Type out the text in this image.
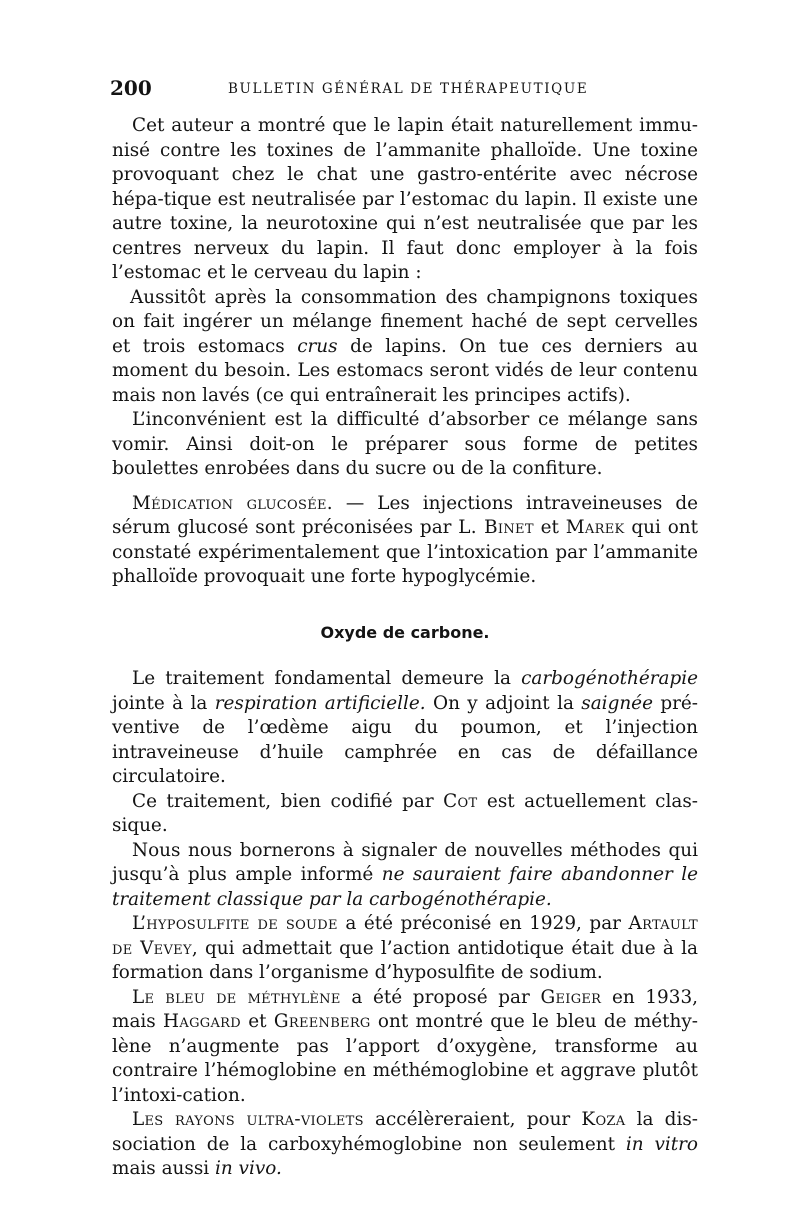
200	BULLETIN GÉNÉRAL DE THÉRAPEUTIQUE

Cet auteur a montré que le lapin était naturellement immu-nisé contre les toxines de l’ammanite phalloïde. Une toxine provoquant chez le chat une gastro-entérite avec nécrose hépa-tique est neutralisée par l’estomac du lapin. Il existe une autre toxine, la neurotoxine qui n’est neutralisée que par les centres nerveux du lapin. Il faut donc employer à la fois l’estomac et le cerveau du lapin :

Aussitôt après la consommation des champignons toxiques on fait ingérer un mélange finement haché de sept cervelles et trois estomacs crus de lapins. On tue ces derniers au moment du besoin. Les estomacs seront vidés de leur contenu mais non lavés (ce qui entraînerait les principes actifs).

L’inconvénient est la difficulté d’absorber ce mélange sans vomir. Ainsi doit-on le préparer sous forme de petites boulettes enrobées dans du sucre ou de la confiture.

Médication glucosée. — Les injections intraveineuses de sérum glucosé sont préconisées par L. Binet et Marek qui ont constaté expérimentalement que l’intoxication par l’ammanite phalloïde provoquait une forte hypoglycémie.

Oxyde de carbone.

Le traitement fondamental demeure la carbogénothérapie jointe à la respiration artificielle. On y adjoint la saignée pré-ventive de l’œdème aigu du poumon, et l’injection intraveineuse d’huile camphrée en cas de défaillance circulatoire.

Ce traitement, bien codifié par Cot est actuellement clas-sique.

Nous nous bornerons à signaler de nouvelles méthodes qui jusqu’à plus ample informé ne sauraient faire abandonner le traitement classique par la carbogénothérapie.

L’hyposulfite de soude a été préconisé en 1929, par Artault de Vevey, qui admettait que l’action antidotique était due à la formation dans l’organisme d’hyposulfite de sodium.

Le bleu de méthylène a été proposé par Geiger en 1933, mais Haggard et Greenberg ont montré que le bleu de méthy-lène n’augmente pas l’apport d’oxygène, transforme au contraire l’hémoglobine en méthémoglobine et aggrave plutôt l’intoxi-cation.

Les rayons ultra-violets accélèreraient, pour Koza la dis-sociation de la carboxyhémoglobine non seulement in vitro mais aussi in vivo.
